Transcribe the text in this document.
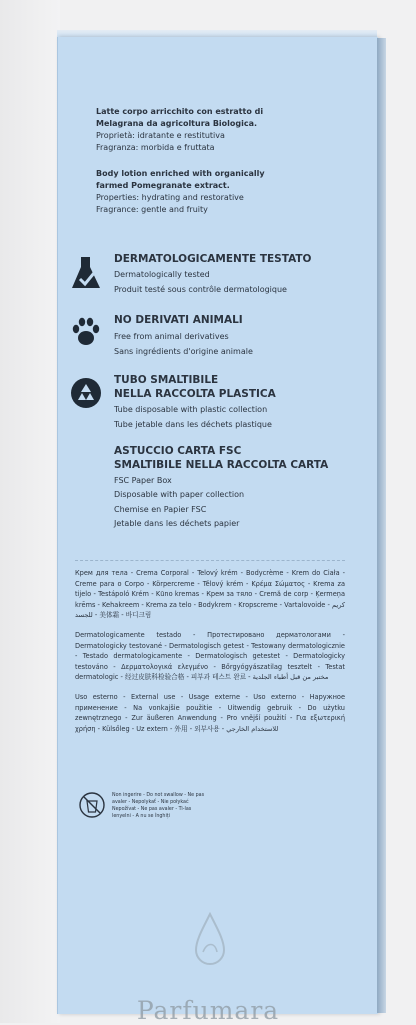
Latte corpo arricchito con estratto di
Melagrana da agricoltura Biologica.
Proprietà: idratante e restitutiva
Fragranza: morbida e fruttata
Body lotion enriched with organically
farmed Pomegranate extract.
Properties: hydrating and restorative
Fragrance: gentle and fruity
DERMATOLOGICAMENTE TESTATO
Dermatologically tested
Produit testé sous contrôle dermatologique
NO DERIVATI ANIMALI
Free from animal derivatives
Sans ingrédients d'origine animale
TUBO SMALTIBILE
NELLA RACCOLTA PLASTICA
Tube disposable with plastic collection
Tube jetable dans les déchets plastique
ASTUCCIO CARTA FSC
SMALTIBILE NELLA RACCOLTA CARTA
FSC Paper Box
Disposable with paper collection
Chemise en Papier FSC
Jetable dans les déchets papier
Крем для тела - Crema Corporal - Telový krém - Bodycrème - Krem do Ciała - Creme para o Corpo - Körpercreme - Tělový krém - Κρέμα Σώματος - Krema za tijelo - Testápoló Krém - Kūno kremas - Крем за тяло - Cremă de corp - Ķermeņa krēms - Kehakreem - Krema za telo - Bodykrem - Kropscreme - Vartalovoide - كريم للجسد - 美体霜 - 바디크림
Dermatologicamente testado - Протестировано дерматологами - Dermatologicky testované - Dermatologisch getest - Testowany dermatologicznie - Testado dermatologicamente - Dermatologisch getestet - Dermatologicky testováno - Δερματολογικά ελεγμένο - Bőrgyógyászatilag tesztelt - Testat dermatologic - 经过皮肤科检验合格 - 피부과 테스트 완료 - مختبر من قبل أطباء الجلدية
Uso esterno - External use - Usage externe - Uso externo - Наружное применение - Na vonkajšie použitie - Uitwendig gebruik - Do użytku zewnętrznego - Zur äußeren Anwendung - Pro vnější použití - Για εξωτερική χρήση - Külsőleg - Uz extern - 外用 - 외부사용 - للاستخدام الخارجي
Non ingerire - Do not swallow - Ne pas
avaler - Nepolykať - Nie połykać
Nepožívat - Ne pas avaler - Ti-las
lenyelni - A nu se înghiți
Parfumara
